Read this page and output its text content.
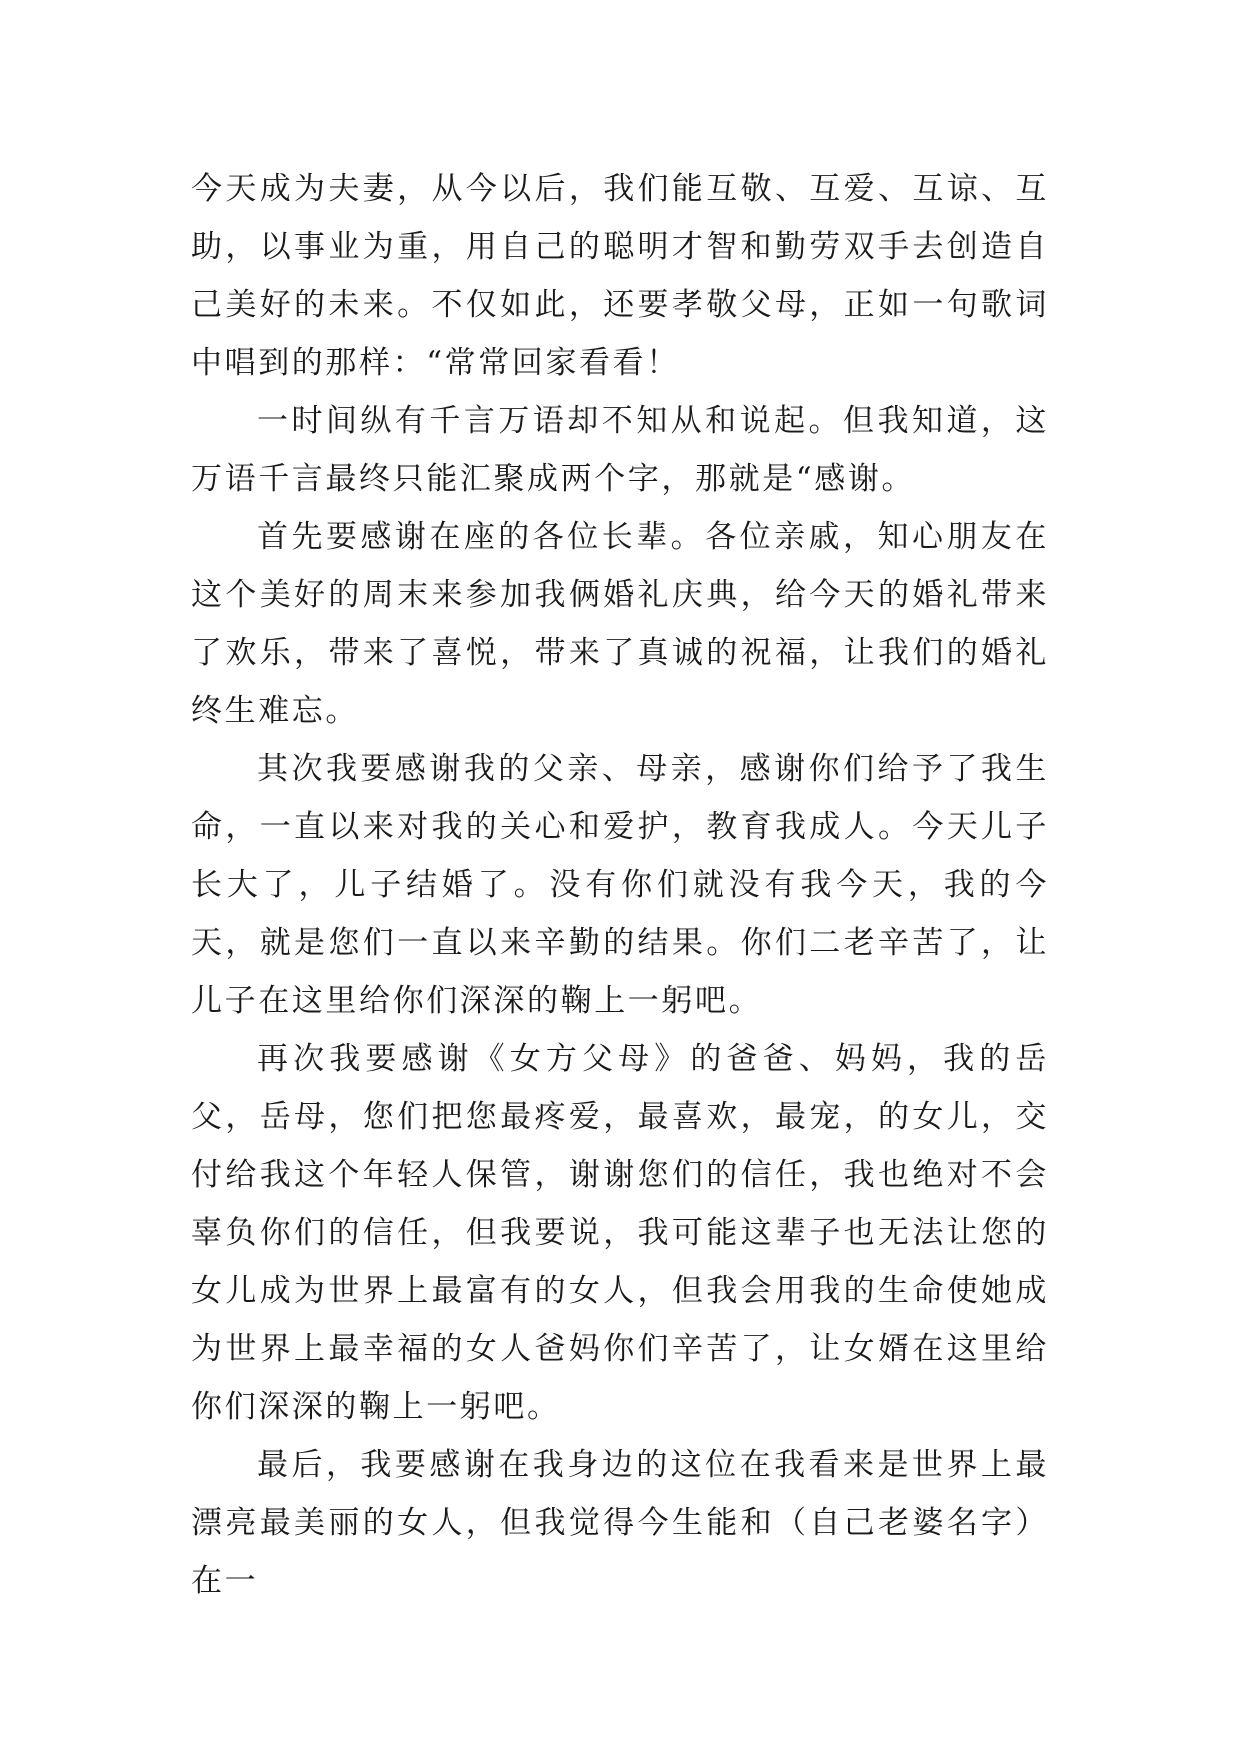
今天成为夫妻，从今以后，我们能互敬、互爱、互谅、互助，以事业为重，用自己的聪明才智和勤劳双手去创造自己美好的未来。不仅如此，还要孝敬父母，正如一句歌词中唱到的那样：“常常回家看看！

一时间纵有千言万语却不知从和说起。但我知道，这万语千言最终只能汇聚成两个字，那就是“感谢。

首先要感谢在座的各位长辈。各位亲戚，知心朋友在这个美好的周末来参加我俩婚礼庆典，给今天的婚礼带来了欢乐，带来了喜悦，带来了真诚的祝福，让我们的婚礼终生难忘。

其次我要感谢我的父亲、母亲，感谢你们给予了我生命，一直以来对我的关心和爱护，教育我成人。今天儿子长大了，儿子结婚了。没有你们就没有我今天，我的今天，就是您们一直以来辛勤的结果。你们二老辛苦了，让儿子在这里给你们深深的鞠上一躬吧。

再次我要感谢《女方父母》的爸爸、妈妈，我的岳父，岳母，您们把您最疼爱，最喜欢，最宠，的女儿，交付给我这个年轻人保管，谢谢您们的信任，我也绝对不会辜负你们的信任，但我要说，我可能这辈子也无法让您的女儿成为世界上最富有的女人，但我会用我的生命使她成为世界上最幸福的女人爸妈你们辛苦了，让女婿在这里给你们深深的鞠上一躬吧。

最后，我要感谢在我身边的这位在我看来是世界上最漂亮最美丽的女人，但我觉得今生能和（自己老婆名字）在一
